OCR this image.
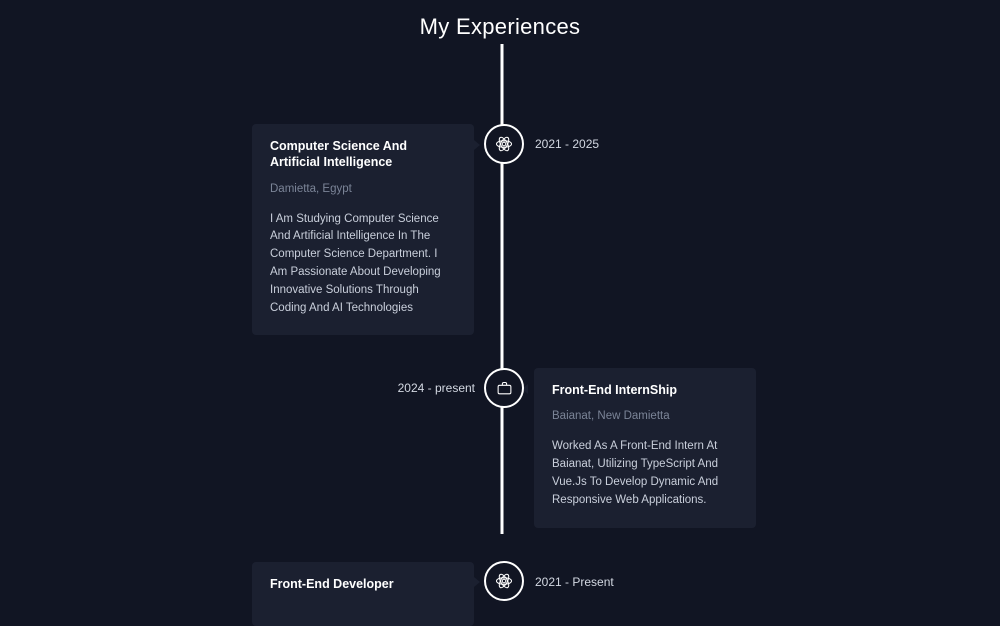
My Experiences

Computer Science And Artificial Intelligence

Damietta, Egypt

I Am Studying Computer Science And Artificial Intelligence In The Computer Science Department. I Am Passionate About Developing Innovative Solutions Through Coding And AI Technologies

2021 - 2025

Front-End InternShip

Baianat, New Damietta

Worked As A Front-End Intern At Baianat, Utilizing TypeScript And Vue.Js To Develop Dynamic And Responsive Web Applications.

2024 - present

Front-End Developer	2021 - Present
